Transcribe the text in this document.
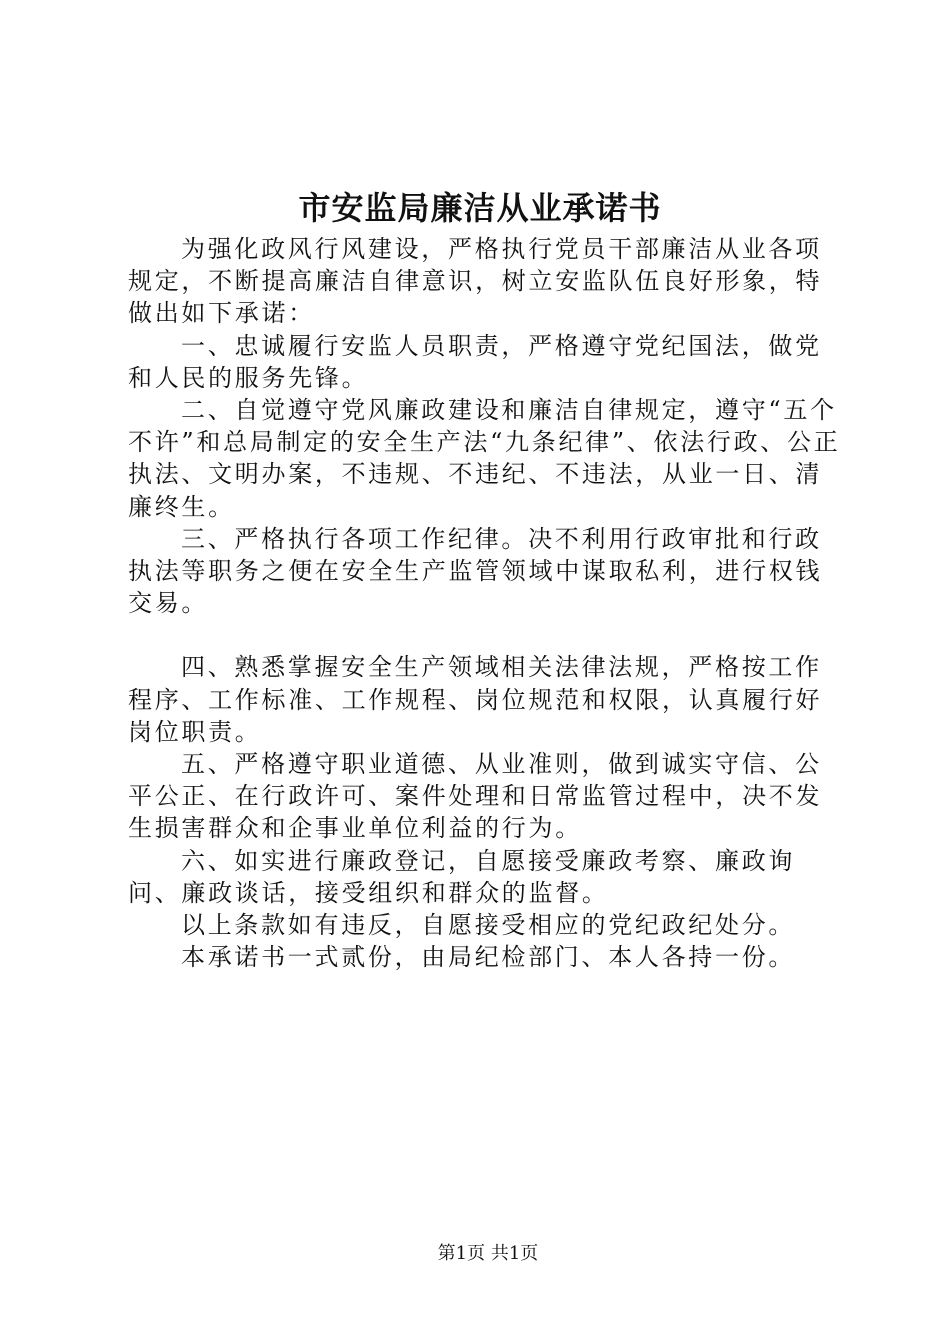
市安监局廉洁从业承诺书

为强化政风行风建设，严格执行党员干部廉洁从业各项规定，不断提高廉洁自律意识，树立安监队伍良好形象，特做出如下承诺：

一、忠诚履行安监人员职责，严格遵守党纪国法，做党和人民的服务先锋。

二、自觉遵守党风廉政建设和廉洁自律规定，遵守“五个不许”和总局制定的安全生产法“九条纪律”、依法行政、公正执法、文明办案，不违规、不违纪、不违法，从业一日、清廉终生。

三、严格执行各项工作纪律。决不利用行政审批和行政执法等职务之便在安全生产监管领域中谋取私利，进行权钱交易。

四、熟悉掌握安全生产领域相关法律法规，严格按工作程序、工作标准、工作规程、岗位规范和权限，认真履行好岗位职责。

五、严格遵守职业道德、从业准则，做到诚实守信、公平公正、在行政许可、案件处理和日常监管过程中，决不发生损害群众和企事业单位利益的行为。

六、如实进行廉政登记，自愿接受廉政考察、廉政询问、廉政谈话，接受组织和群众的监督。

以上条款如有违反，自愿接受相应的党纪政纪处分。

本承诺书一式贰份，由局纪检部门、本人各持一份。

第1页 共1页
